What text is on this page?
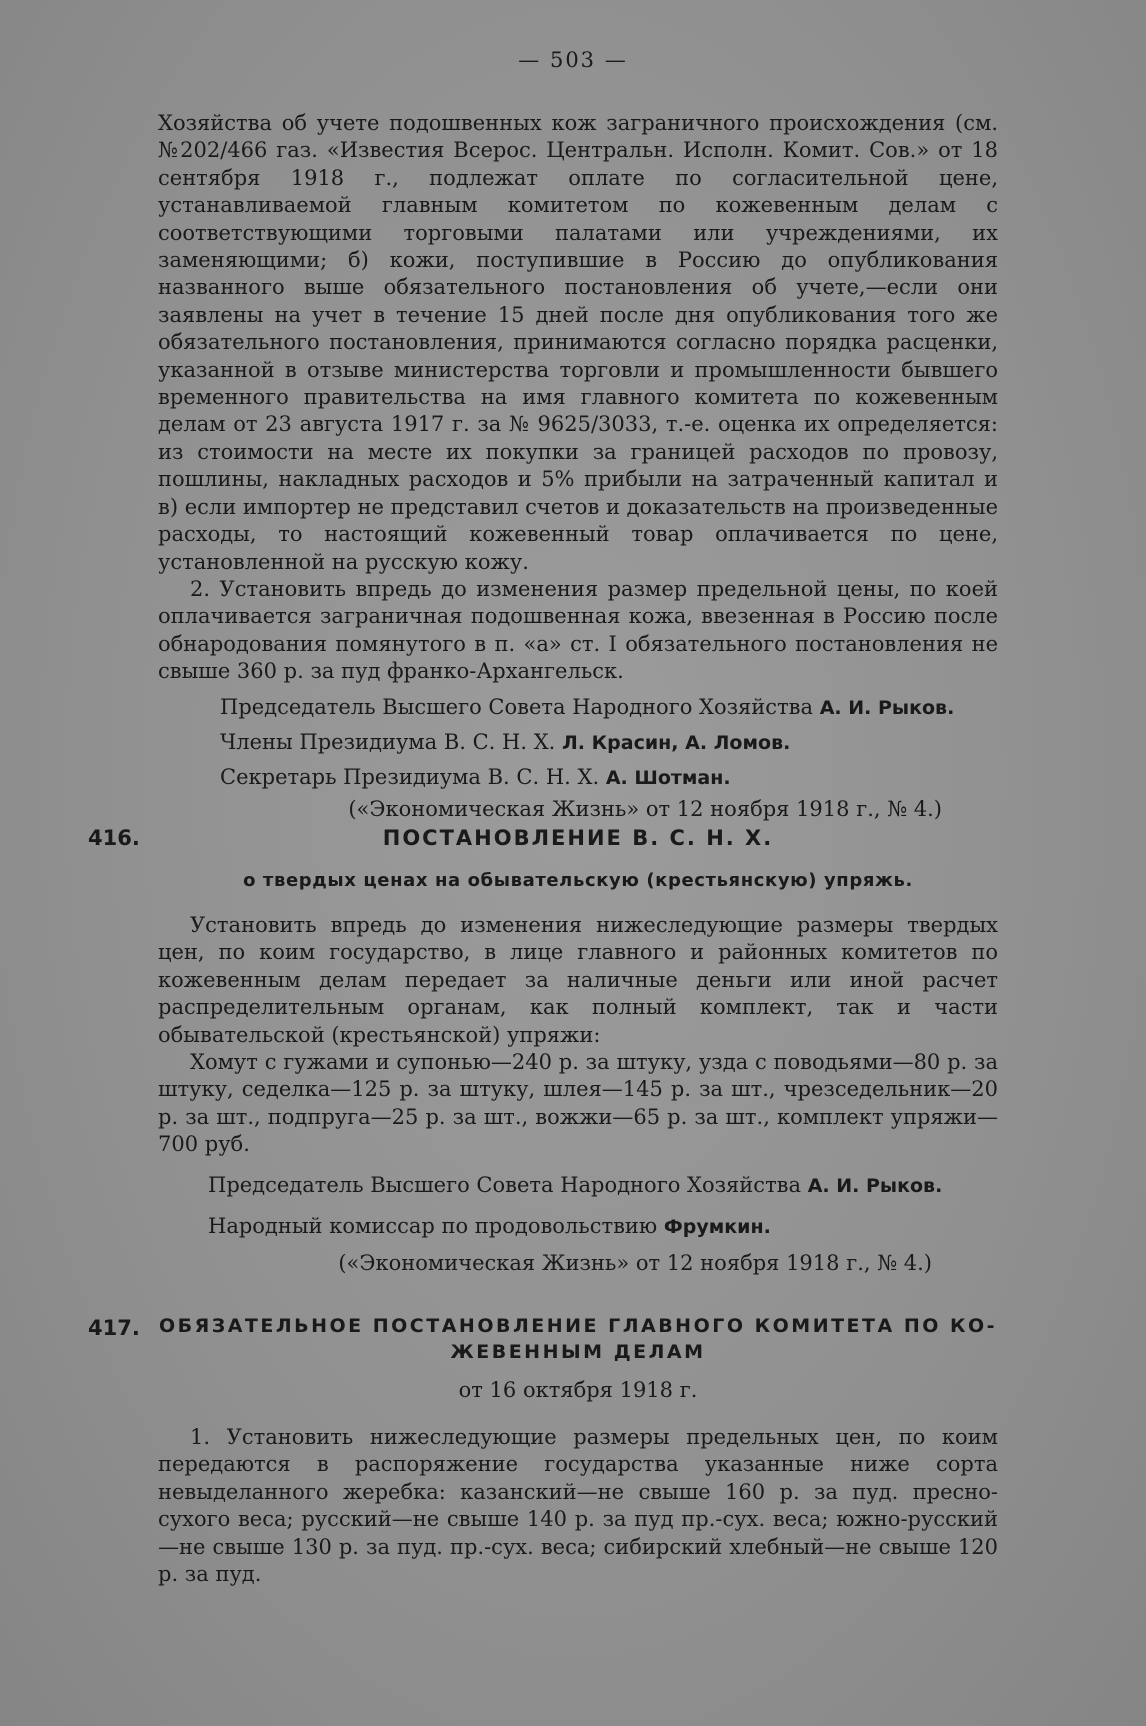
— 503 —

Хозяйства об учете подошвенных кож заграничного происхождения (см. №202/466 газ. «Известия Всерос. Центральн. Исполн. Комит. Сов.» от 18 сентября 1918 г., подлежат оплате по согласительной цене, устанавливаемой главным комитетом по кожевенным делам с соответствующими торговыми палатами или учреждениями, их заменяющими; б) кожи, поступившие в Россию до опубликования названного выше обязательного постановления об учете,—если они заявлены на учет в течение 15 дней после дня опубликования того же обязательного постановления, принимаются согласно порядка расценки, указанной в отзыве министерства торговли и промышленности бывшего временного правительства на имя главного комитета по кожевенным делам от 23 августа 1917 г. за № 9625/3033, т.-е. оценка их определяется: из стоимости на месте их покупки за границей расходов по провозу, пошлины, накладных расходов и 5% прибыли на затраченный капитал и в) если импортер не представил счетов и доказательств на произведенные расходы, то настоящий кожевенный товар оплачивается по цене, установленной на русскую кожу.

2. Установить впредь до изменения размер предельной цены, по коей оплачивается заграничная подошвенная кожа, ввезенная в Россию после обнародования помянутого в п. «а» ст. I обязательного постановления не свыше 360 р. за пуд франко-Архангельск.

Председатель Высшего Совета Народного Хозяйства А. И. Рыков.

Члены Президиума В. С. Н. Х. Л. Красин, А. Ломов.

Секретарь Президиума В. С. Н. Х. А. Шотман.

(«Экономическая Жизнь» от 12 ноября 1918 г., № 4.)
416.	ПОСТАНОВЛЕНИЕ В. С. Н. Х.
о твердых ценах на обывательскую (крестьянскую) упряжь.

Установить впредь до изменения нижеследующие размеры твердых цен, по коим государство, в лице главного и районных комитетов по кожевенным делам передает за наличные деньги или иной расчет распределительным органам, как полный комплект, так и части обывательской (крестьянской) упряжи:

Хомут с гужами и супонью—240 р. за штуку, узда с поводьями—80 р. за штуку, седелка—125 р. за штуку, шлея—145 р. за шт., чрезседельник—20 р. за шт., подпруга—25 р. за шт., вожжи—65 р. за шт., комплект упряжи—700 руб.

Председатель Высшего Совета Народного Хозяйства А. И. Рыков.

Народный комиссар по продовольствию Фрумкин.

(«Экономическая Жизнь» от 12 ноября 1918 г., № 4.)
417. ОБЯЗАТЕЛЬНОЕ ПОСТАНОВЛЕНИЕ ГЛАВНОГО КОМИТЕТА ПО КО-
ЖЕВЕННЫМ ДЕЛАМ
от 16 октября 1918 г.

1. Установить нижеследующие размеры предельных цен, по коим передаются в распоряжение государства указанные ниже сорта невыделанного жеребка: казанский—не свыше 160 р. за пуд. пресно-сухого веса; русский—не свыше 140 р. за пуд пр.-сух. веса; южно-русский—не свыше 130 р. за пуд. пр.-сух. веса; сибирский хлебный—не свыше 120 р. за пуд.
